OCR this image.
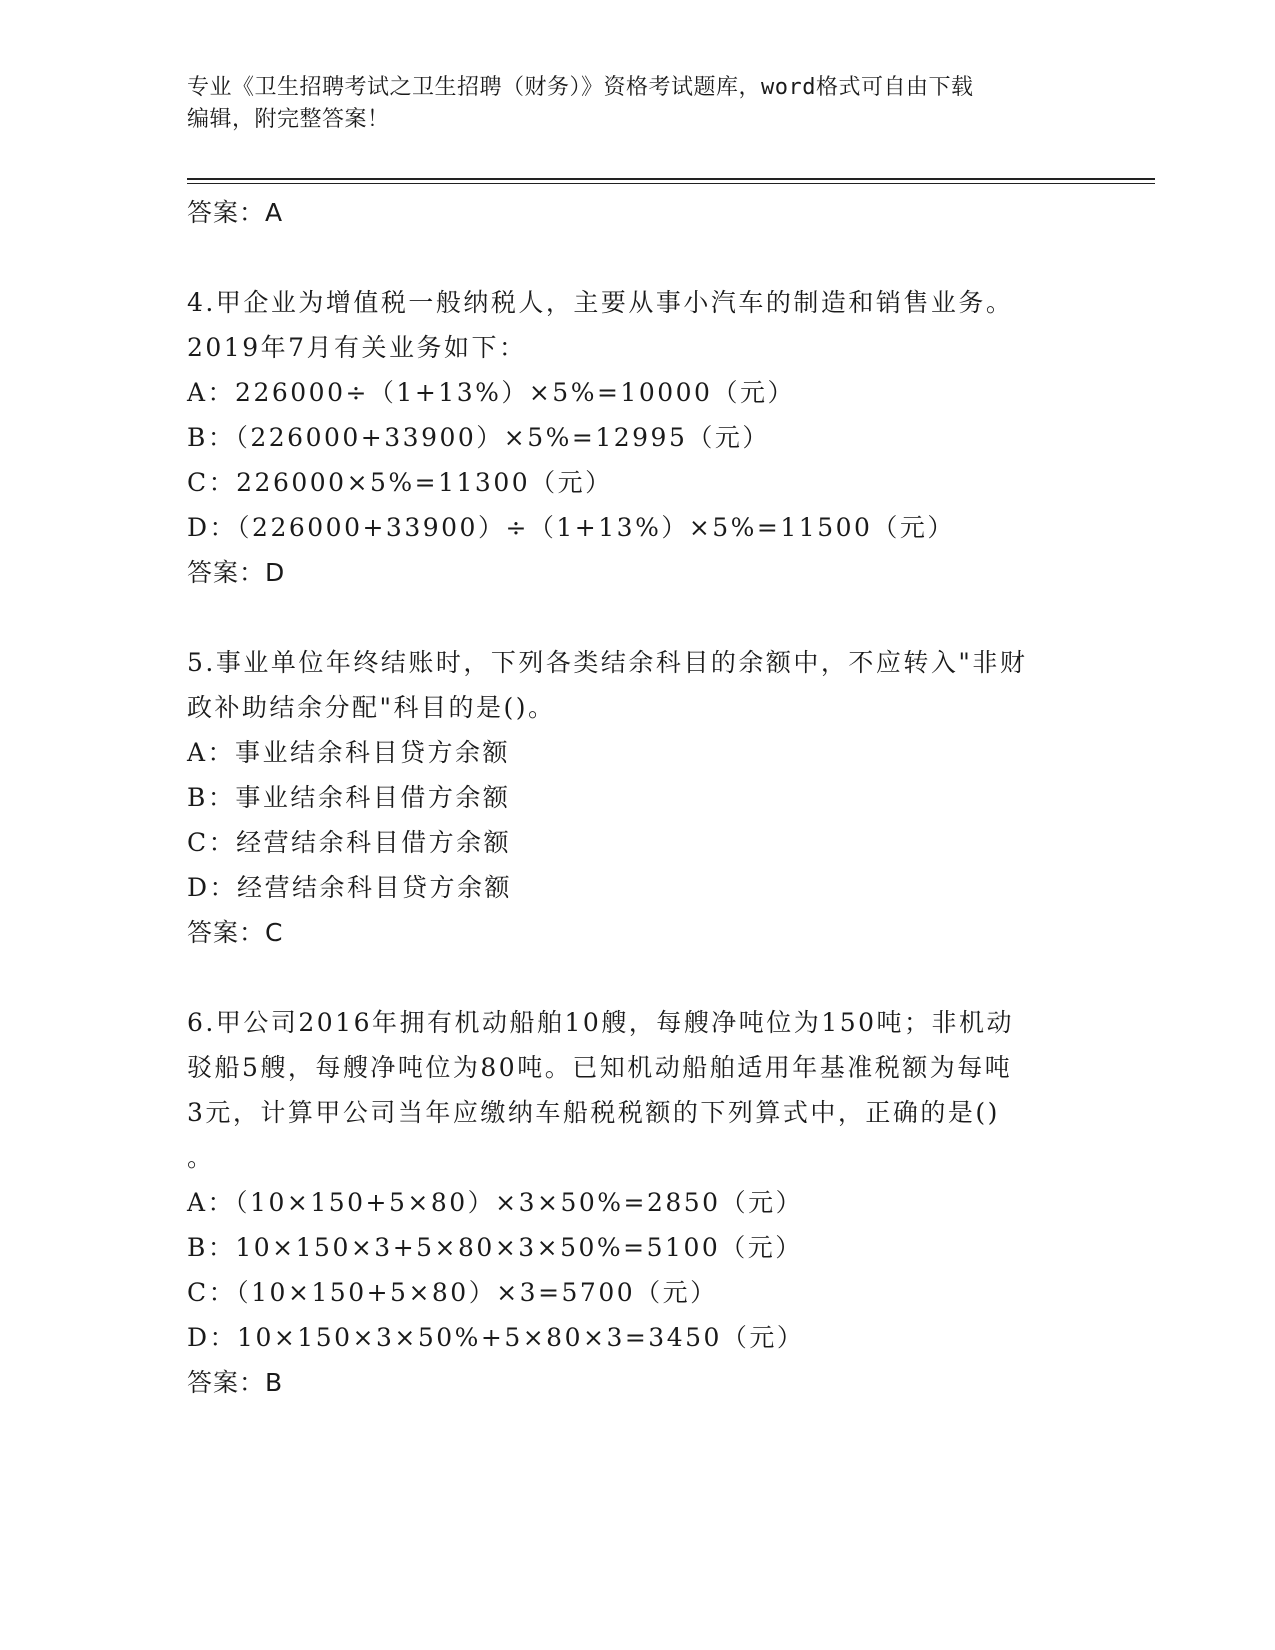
专业《卫生招聘考试之卫生招聘（财务）》资格考试题库，word格式可自由下载
编辑，附完整答案！
答案：A
4.甲企业为增值税一般纳税人，主要从事小汽车的制造和销售业务。
2019年7月有关业务如下：
A：226000÷（1+13%）×5%=10000（元）
B：（226000+33900）×5%=12995（元）
C：226000×5%=11300（元）
D：（226000+33900）÷（1+13%）×5%=11500（元）
答案：D
5.事业单位年终结账时，下列各类结余科目的余额中，不应转入"非财
政补助结余分配"科目的是()。
A：事业结余科目贷方余额
B：事业结余科目借方余额
C：经营结余科目借方余额
D：经营结余科目贷方余额
答案：C
6.甲公司2016年拥有机动船舶10艘，每艘净吨位为150吨；非机动
驳船5艘，每艘净吨位为80吨。已知机动船舶适用年基准税额为每吨
3元，计算甲公司当年应缴纳车船税税额的下列算式中，正确的是()
。
A：（10×150+5×80）×3×50%=2850（元）
B：10×150×3+5×80×3×50%=5100（元）
C：（10×150+5×80）×3=5700（元）
D：10×150×3×50%+5×80×3=3450（元）
答案：B
